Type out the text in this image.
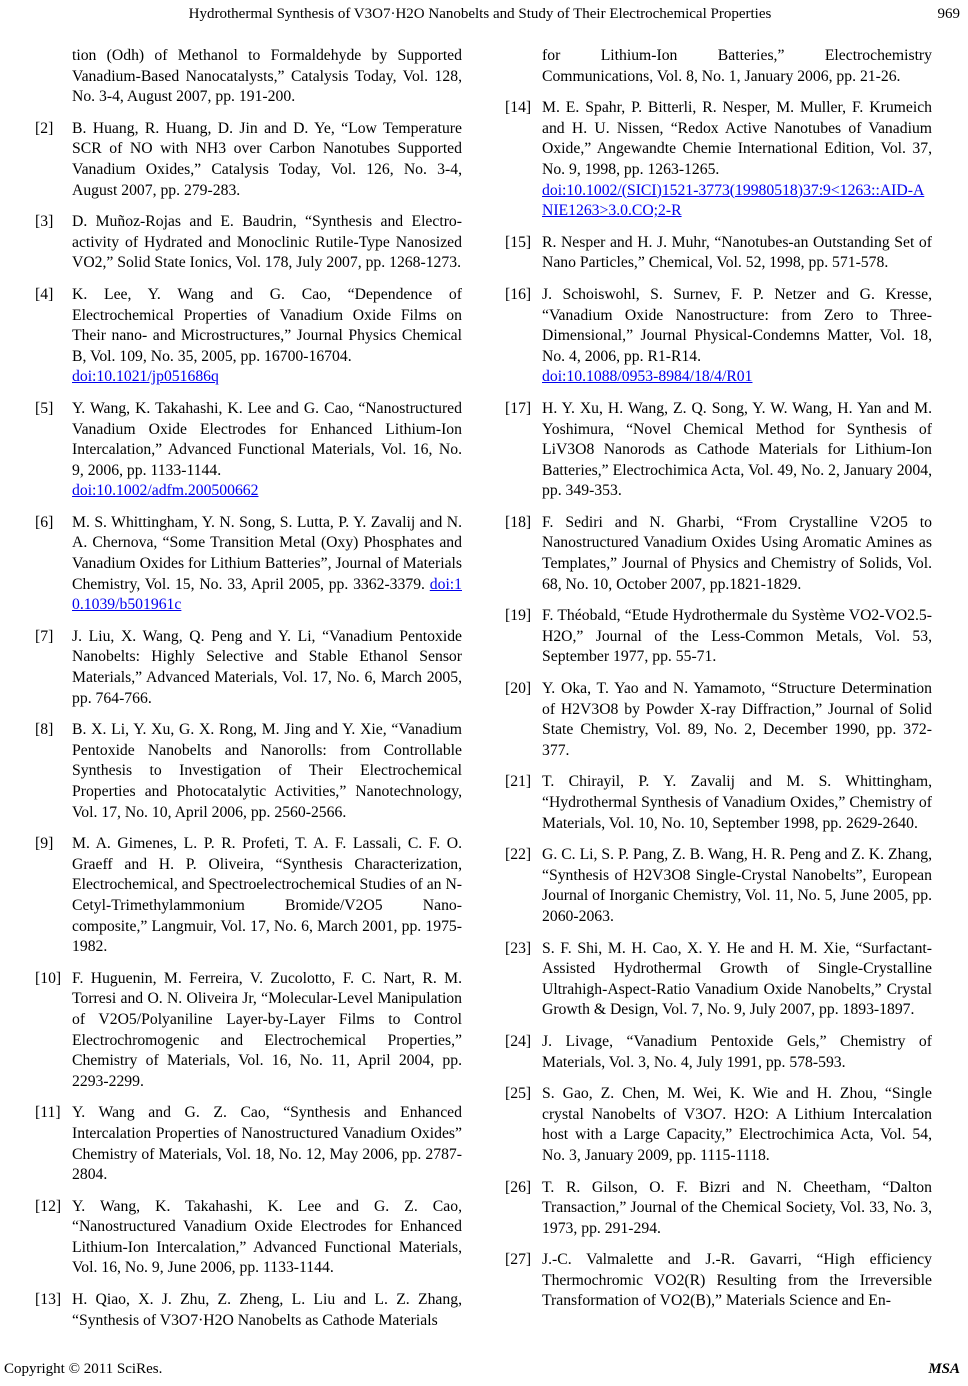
Hydrothermal Synthesis of V3O7·H2O Nanobelts and Study of Their Electrochemical Properties	969
tion (Odh) of Methanol to Formaldehyde by Supported Vanadium-Based Nanocatalysts,” Catalysis Today, Vol. 128, No. 3-4, August 2007, pp. 191-200.
[2] B. Huang, R. Huang, D. Jin and D. Ye, “Low Temperature SCR of NO with NH3 over Carbon Nanotubes Supported Vanadium Oxides,” Catalysis Today, Vol. 126, No. 3-4, August 2007, pp. 279-283.
[3] D. Muñoz-Rojas and E. Baudrin, “Synthesis and Electro-activity of Hydrated and Monoclinic Rutile-Type Nanosized VO2,” Solid State Ionics, Vol. 178, July 2007, pp. 1268-1273.
[4] K. Lee, Y. Wang and G. Cao, “Dependence of Electrochemical Properties of Vanadium Oxide Films on Their nano- and Microstructures,” Journal Physics Chemical B, Vol. 109, No. 35, 2005, pp. 16700-16704.
doi:10.1021/jp051686q
[5] Y. Wang, K. Takahashi, K. Lee and G. Cao, “Nanostructured Vanadium Oxide Electrodes for Enhanced Lithium-Ion Intercalation,” Advanced Functional Materials, Vol. 16, No. 9, 2006, pp. 1133-1144.
doi:10.1002/adfm.200500662
[6] M. S. Whittingham, Y. N. Song, S. Lutta, P. Y. Zavalij and N. A. Chernova, “Some Transition Metal (Oxy) Phosphates and Vanadium Oxides for Lithium Batteries”, Journal of Materials Chemistry, Vol. 15, No. 33, April 2005, pp. 3362-3379. doi:10.1039/b501961c
[7] J. Liu, X. Wang, Q. Peng and Y. Li, “Vanadium Pentoxide Nanobelts: Highly Selective and Stable Ethanol Sensor Materials,” Advanced Materials, Vol. 17, No. 6, March 2005, pp. 764-766.
[8] B. X. Li, Y. Xu, G. X. Rong, M. Jing and Y. Xie, “Vanadium Pentoxide Nanobelts and Nanorolls: from Controllable Synthesis to Investigation of Their Electrochemical Properties and Photocatalytic Activities,” Nanotechnology, Vol. 17, No. 10, April 2006, pp. 2560-2566.
[9] M. A. Gimenes, L. P. R. Profeti, T. A. F. Lassali, C. F. O. Graeff and H. P. Oliveira, “Synthesis Characterization, Electrochemical, and Spectroelectrochemical Studies of an N-Cetyl-Trimethylammonium Bromide/V2O5 Nano-composite,” Langmuir, Vol. 17, No. 6, March 2001, pp. 1975-1982.
[10] F. Huguenin, M. Ferreira, V. Zucolotto, F. C. Nart, R. M. Torresi and O. N. Oliveira Jr, “Molecular-Level Manipulation of V2O5/Polyaniline Layer-by-Layer Films to Control Electrochromogenic and Electrochemical Properties,” Chemistry of Materials, Vol. 16, No. 11, April 2004, pp. 2293-2299.
[11] Y. Wang and G. Z. Cao, “Synthesis and Enhanced Intercalation Properties of Nanostructured Vanadium Oxides” Chemistry of Materials, Vol. 18, No. 12, May 2006, pp. 2787-2804.
[12] Y. Wang, K. Takahashi, K. Lee and G. Z. Cao, “Nanostructured Vanadium Oxide Electrodes for Enhanced Lithium-Ion Intercalation,” Advanced Functional Materials, Vol. 16, No. 9, June 2006, pp. 1133-1144.
[13] H. Qiao, X. J. Zhu, Z. Zheng, L. Liu and L. Z. Zhang, “Synthesis of V3O7·H2O Nanobelts as Cathode Materials
for Lithium-Ion Batteries,” Electrochemistry Communications, Vol. 8, No. 1, January 2006, pp. 21-26.
[14] M. E. Spahr, P. Bitterli, R. Nesper, M. Muller, F. Krumeich and H. U. Nissen, “Redox Active Nanotubes of Vanadium Oxide,” Angewandte Chemie International Edition, Vol. 37, No. 9, 1998, pp. 1263-1265.
doi:10.1002/(SICI)1521-3773(19980518)37:9<1263::AID-ANIE1263>3.0.CO;2-R
[15] R. Nesper and H. J. Muhr, “Nanotubes-an Outstanding Set of Nano Particles,” Chemical, Vol. 52, 1998, pp. 571-578.
[16] J. Schoiswohl, S. Surnev, F. P. Netzer and G. Kresse, “Vanadium Oxide Nanostructure: from Zero to Three-Dimensional,” Journal Physical-Condemns Matter, Vol. 18, No. 4, 2006, pp. R1-R14.
doi:10.1088/0953-8984/18/4/R01
[17] H. Y. Xu, H. Wang, Z. Q. Song, Y. W. Wang, H. Yan and M. Yoshimura, “Novel Chemical Method for Synthesis of LiV3O8 Nanorods as Cathode Materials for Lithium-Ion Batteries,” Electrochimica Acta, Vol. 49, No. 2, January 2004, pp. 349-353.
[18] F. Sediri and N. Gharbi, “From Crystalline V2O5 to Nanostructured Vanadium Oxides Using Aromatic Amines as Templates,” Journal of Physics and Chemistry of Solids, Vol. 68, No. 10, October 2007, pp.1821-1829.
[19] F. Théobald, “Etude Hydrothermale du Système VO2-VO2.5-H2O,” Journal of the Less-Common Metals, Vol. 53, September 1977, pp. 55-71.
[20] Y. Oka, T. Yao and N. Yamamoto, “Structure Determination of H2V3O8 by Powder X-ray Diffraction,” Journal of Solid State Chemistry, Vol. 89, No. 2, December 1990, pp. 372-377.
[21] T. Chirayil, P. Y. Zavalij and M. S. Whittingham, “Hydrothermal Synthesis of Vanadium Oxides,” Chemistry of Materials, Vol. 10, No. 10, September 1998, pp. 2629-2640.
[22] G. C. Li, S. P. Pang, Z. B. Wang, H. R. Peng and Z. K. Zhang, “Synthesis of H2V3O8 Single-Crystal Nanobelts”, European Journal of Inorganic Chemistry, Vol. 11, No. 5, June 2005, pp. 2060-2063.
[23] S. F. Shi, M. H. Cao, X. Y. He and H. M. Xie, “Surfactant-Assisted Hydrothermal Growth of Single-Crystalline Ultrahigh-Aspect-Ratio Vanadium Oxide Nanobelts,” Crystal Growth & Design, Vol. 7, No. 9, July 2007, pp. 1893-1897.
[24] J. Livage, “Vanadium Pentoxide Gels,” Chemistry of Materials, Vol. 3, No. 4, July 1991, pp. 578-593.
[25] S. Gao, Z. Chen, M. Wei, K. Wie and H. Zhou, “Single crystal Nanobelts of V3O7. H2O: A Lithium Intercalation host with a Large Capacity,” Electrochimica Acta, Vol. 54, No. 3, January 2009, pp. 1115-1118.
[26] T. R. Gilson, O. F. Bizri and N. Cheetham, “Dalton Transaction,” Journal of the Chemical Society, Vol. 33, No. 3, 1973, pp. 291-294.
[27] J.-C. Valmalette and J.-R. Gavarri, “High efficiency Thermochromic VO2(R) Resulting from the Irreversible Transformation of VO2(B),” Materials Science and En-
Copyright © 2011 SciRes.	MSA
